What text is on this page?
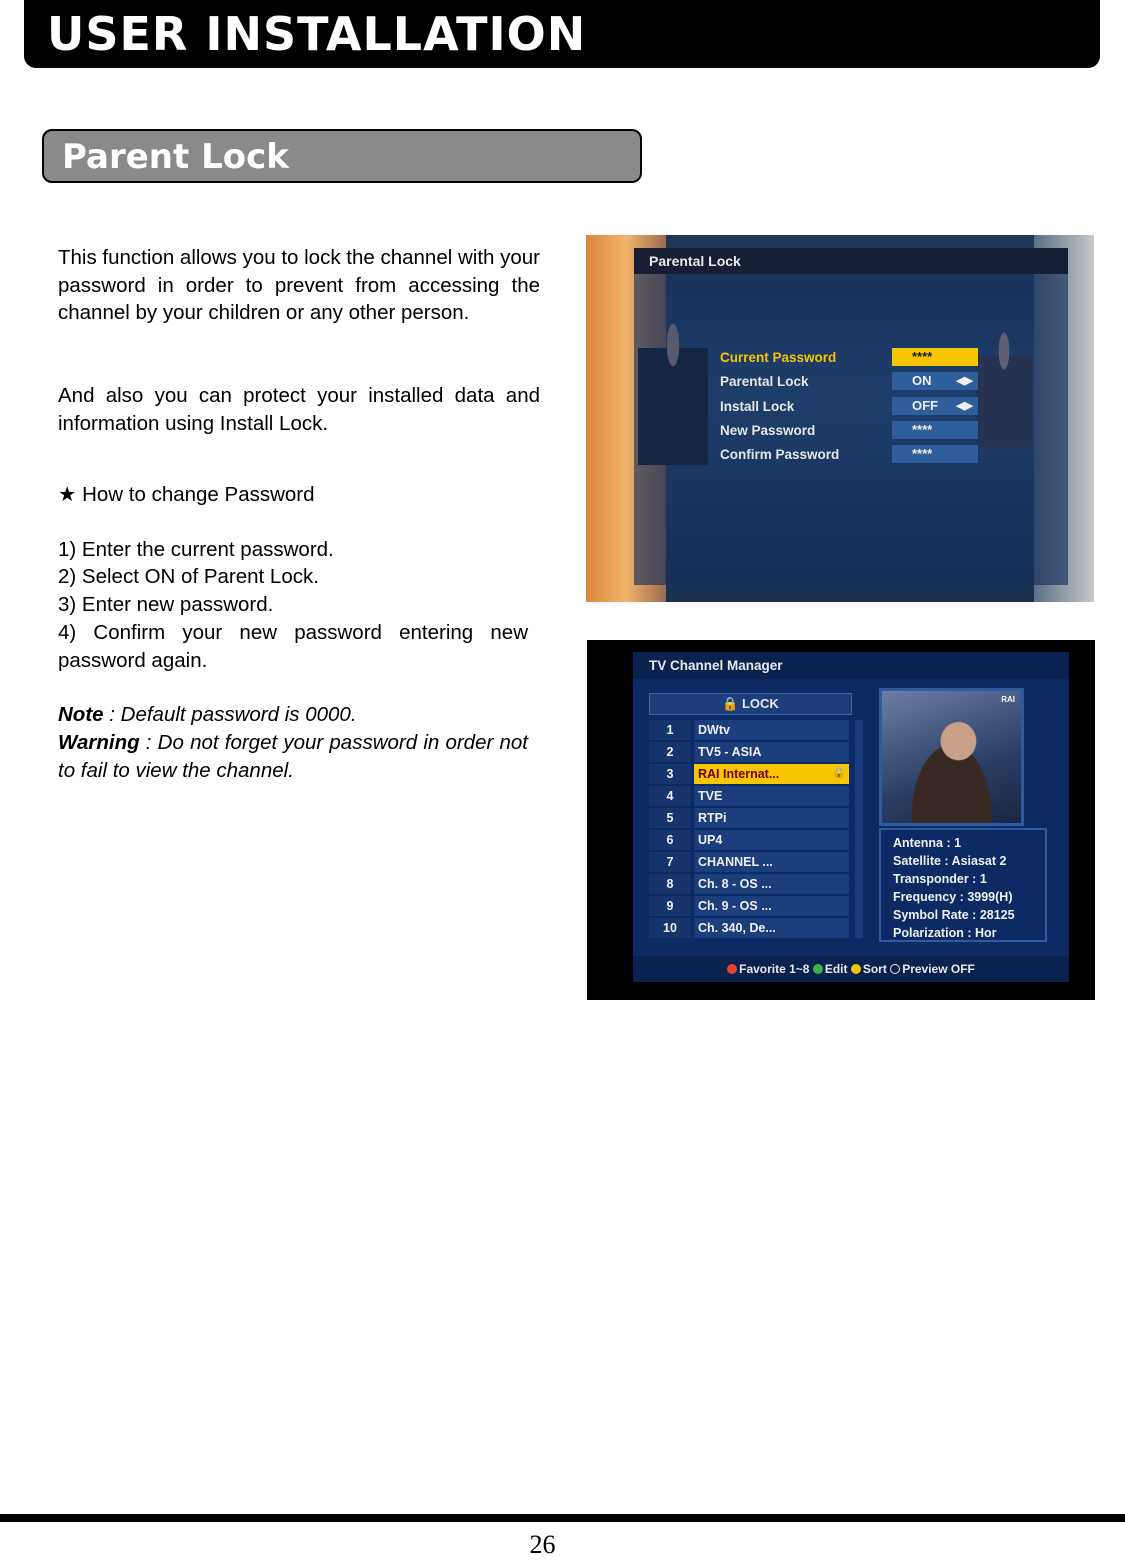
USER INSTALLATION
Parent Lock
This function allows you to lock the channel with your password in order to prevent from accessing the channel by your children or any other person.
And also you can protect your installed data and information using Install Lock.
★ How to change Password
1) Enter the current password.
2) Select ON of Parent Lock.
3) Enter new password.
4) Confirm your new password entering new password again.
Note : Default password is 0000.
Warning : Do not forget your password in order not to fail to view the channel.
Parental Lock
Current Password	****
Parental Lock	ON ◀▶
Install Lock	OFF ◀▶
New Password	****
Confirm Password	****
TV Channel Manager
🔒 LOCK
1	DWtv
2	TV5 - ASIA
3	RAI Internat...	🔒
4	TVE
5	RTPi
6	UP4
7	CHANNEL ...
8	Ch. 8 - OS ...
9	Ch. 9 - OS ...
10	Ch. 340, De...
RAI
Antenna : 1
Satellite : Asiasat 2
Transponder : 1
Frequency : 3999(H)
Symbol Rate : 28125
Polarization : Hor
Favorite 1~8 Edit Sort Preview OFF
26
